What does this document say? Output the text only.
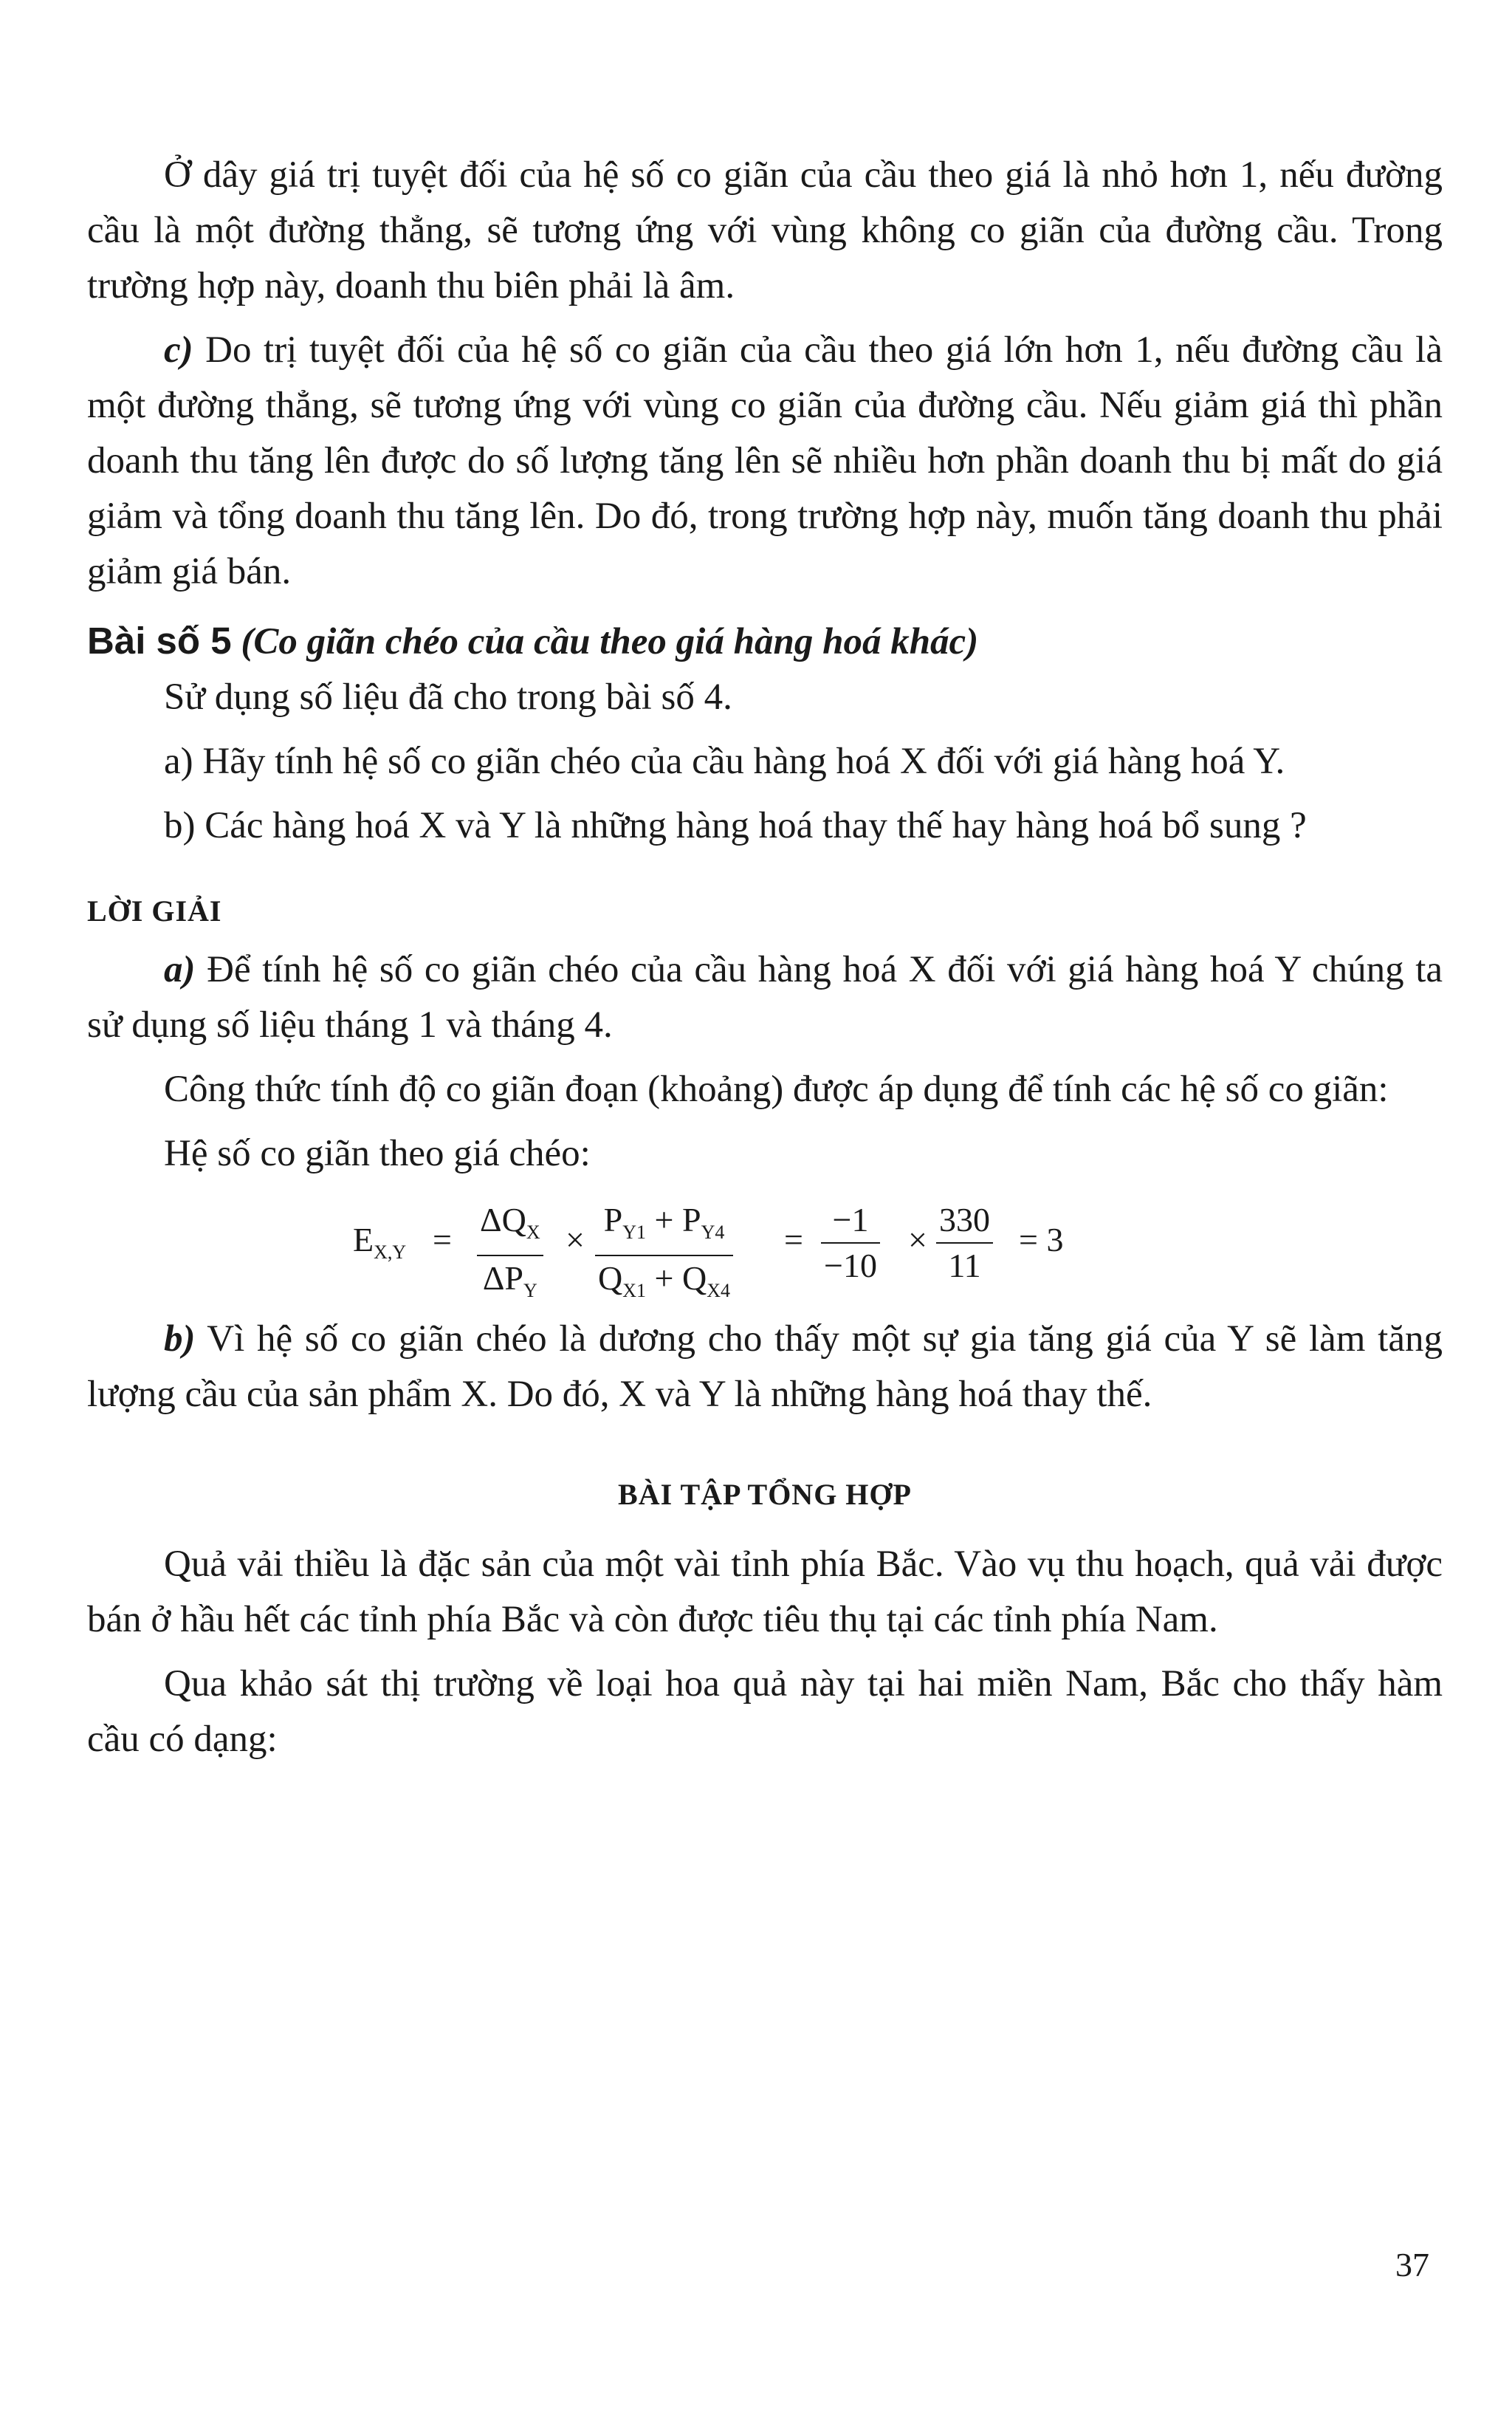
Ở dây giá trị tuyệt đối của hệ số co giãn của cầu theo giá là nhỏ hơn 1, nếu đường cầu là một đường thẳng, sẽ tương ứng với vùng không co giãn của đường cầu. Trong trường hợp này, doanh thu biên phải là âm.

c) Do trị tuyệt đối của hệ số co giãn của cầu theo giá lớn hơn 1, nếu đường cầu là một đường thẳng, sẽ tương ứng với vùng co giãn của đường cầu. Nếu giảm giá thì phần doanh thu tăng lên được do số lượng tăng lên sẽ nhiều hơn phần doanh thu bị mất do giá giảm và tổng doanh thu tăng lên. Do đó, trong trường hợp này, muốn tăng doanh thu phải giảm giá bán.

Bài số 5 (Co giãn chéo của cầu theo giá hàng hoá khác)

Sử dụng số liệu đã cho trong bài số 4.

a) Hãy tính hệ số co giãn chéo của cầu hàng hoá X đối với giá hàng hoá Y.

b) Các hàng hoá X và Y là những hàng hoá thay thế hay hàng hoá bổ sung ?

LỜI GIẢI

a) Để tính hệ số co giãn chéo của cầu hàng hoá X đối với giá hàng hoá Y chúng ta sử dụng số liệu tháng 1 và tháng 4.

Công thức tính độ co giãn đoạn (khoảng) được áp dụng để tính các hệ số co giãn:

Hệ số co giãn theo giá chéo:

$E_{X,Y}$ =
$\Delta Q_X$
$\Delta P_Y$
× $\frac{P_{Y1} + P_{Y4}}{Q_{X1} + Q_{X4}} = \frac{-1}{-10} \times \frac{330}{11} = 3$

b) Vì hệ số co giãn chéo là dương cho thấy một sự gia tăng giá của Y sẽ làm tăng lượng cầu của sản phẩm X. Do đó, X và Y là những hàng hoá thay thế.

BÀI TẬP TỔNG HỢP

Quả vải thiều là đặc sản của một vài tỉnh phía Bắc. Vào vụ thu hoạch, quả vải được bán ở hầu hết các tỉnh phía Bắc và còn được tiêu thụ tại các tỉnh phía Nam.

Qua khảo sát thị trường về loại hoa quả này tại hai miền Nam, Bắc cho thấy hàm cầu có dạng:

37
